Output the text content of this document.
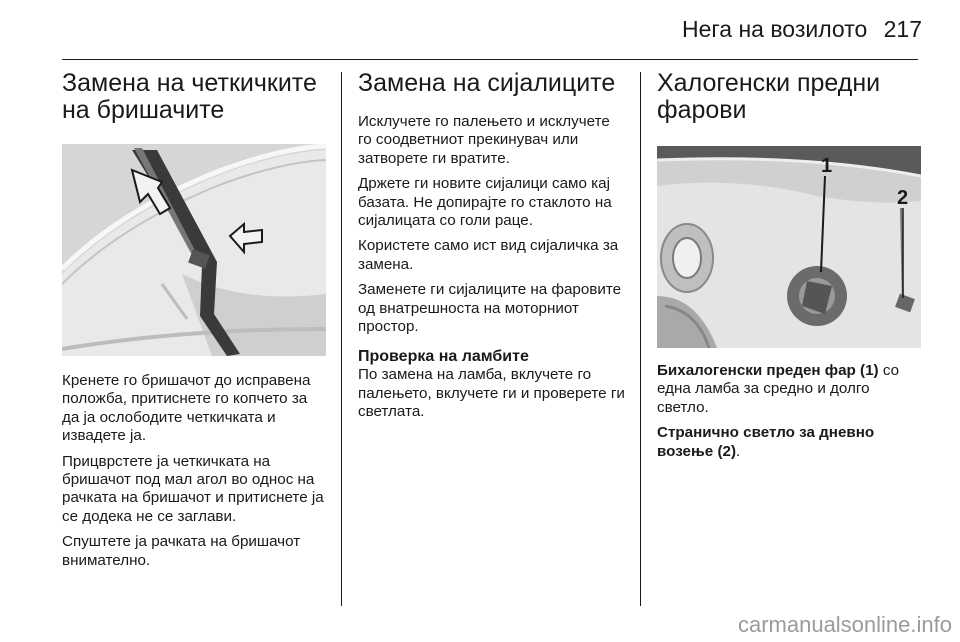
Нега на возилото 217
Замена на четкичките на бришачите

Кренете го бришачот до исправена положба, притиснете го копчето за да ја ослободите четкичката и извадете ја.

Прицврстете ја четкичката на бришачот под мал агол во однос на рачката на бришачот и притиснете ја се додека не се заглави.

Спуштете ја рачката на бришачот внимателно.

Замена на сијалиците

Исклучете го палењето и исклучете го соодветниот прекинувач или затворете ги вратите.

Држете ги новите сијалици само кај базата. Не допирајте го стаклото на сијалицата со голи раце.

Користете само ист вид сијаличка за замена.

Заменете ги сијалиците на фаровите од внатрешноста на моторниот простор.

Проверка на ламбите

По замена на ламба, вклучете го палењето, вклучете ги и проверете ги светлата.

Халогенски предни фарови
1
2

Бихалогенски преден фар (1) со една ламба за средно и долго светло.

Странично светло за дневно возење (2).

carmanualsonline.info
